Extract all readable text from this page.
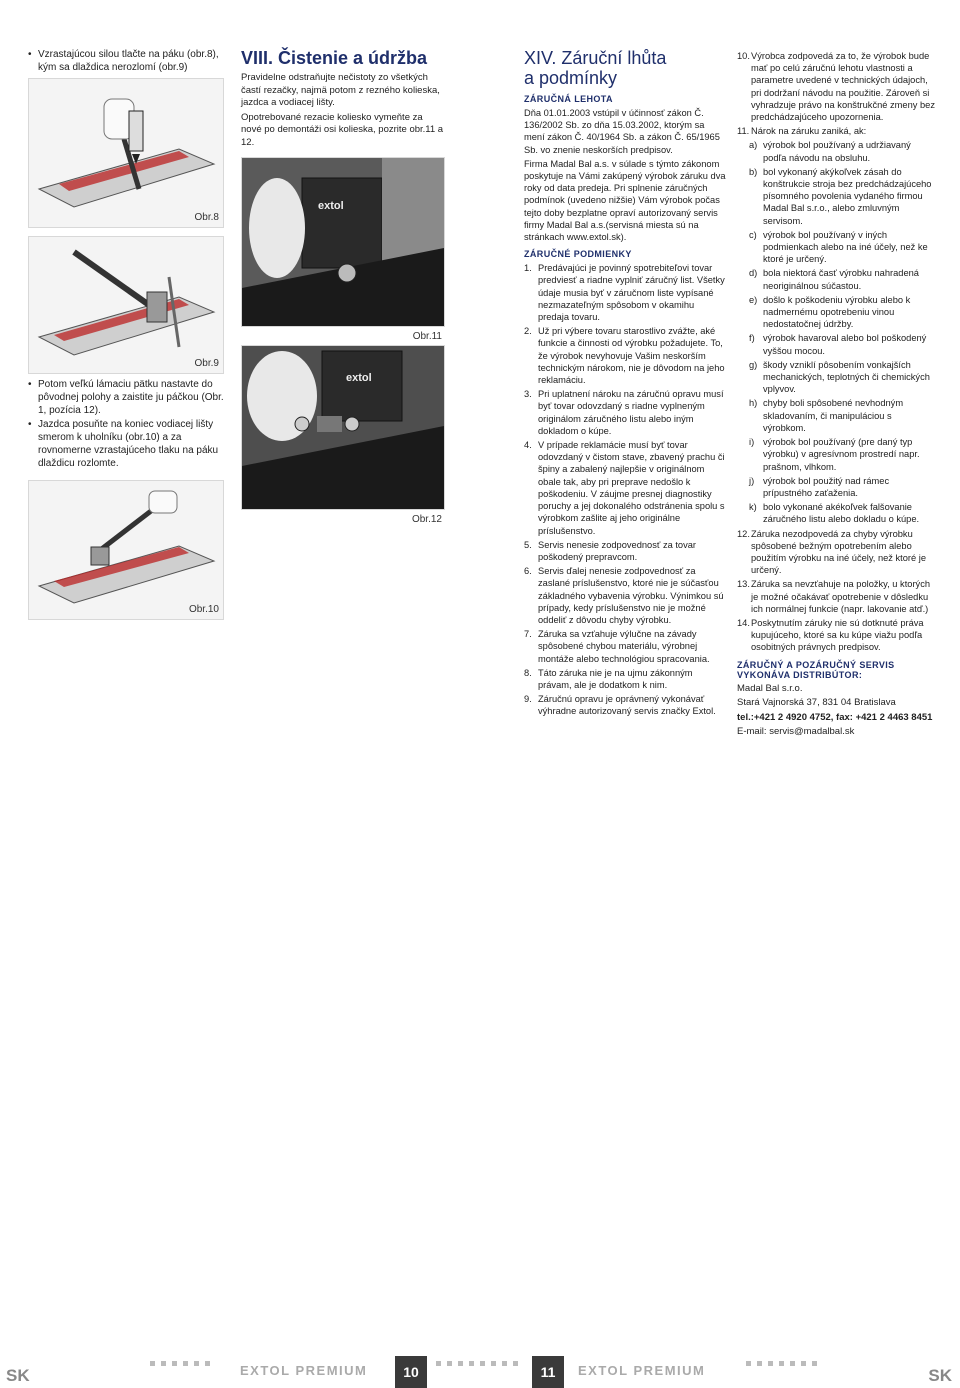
• Vzrastajúcou silou tlačte na páku (obr.8), kým sa dlaždica nerozlomí (obr.9)
Obr.8
Obr.9
• Potom veľkú lámaciu pätku nastavte do pôvodnej polohy a zaistite ju páčkou (Obr. 1, pozícia 12).
• Jazdca posuňte na koniec vodiacej lišty smerom k uholníku (obr.10) a za rovnomerne vzrastajúceho tlaku na páku dlaždicu rozlomte.
Obr.10
VIII. Čistenie a údržba
Pravidelne odstraňujte nečistoty zo všetkých častí rezačky, najmä potom z rezného kolieska, jazdca a vodiacej lišty.
Opotrebované rezacie koliesko vymeňte za nové po demontáži osi kolieska, pozrite obr.11 a 12.
extol
Obr.11
extol
Obr.12
XIV. Záruční lhůta
a podmínky
ZÁRUČNÁ LEHOTA
Dňa 01.01.2003 vstúpil v účinnosť zákon Č. 136/2002 Sb. zo dňa 15.03.2002, ktorým sa mení zákon Č. 40/1964 Sb. a zákon Č. 65/1965 Sb. vo znenie neskorších predpisov.
Firma Madal Bal a.s. v súlade s týmto zákonom poskytuje na Vámi zakúpený výrobok záruku dva roky od data predeja. Pri splnenie záručných podmínok (uvedeno nižšie) Vám výrobok počas tejto doby bezplatne opraví autorizovaný servis firmy Madal Bal a.s.(servisná miesta sú na stránkach www.extol.sk).
ZÁRUČNÉ PODMIENKY
1. Predávajúci je povinný spotrebiteľovi tovar predviesť a riadne vyplniť záručný list. Všetky údaje musia byť v záručnom liste vypísané nezmazateľným spôsobom v okamihu predaja tovaru.
2. Už pri výbere tovaru starostlivo zvážte, aké funkcie a činnosti od výrobku požadujete. To, že výrobok nevyhovuje Vašim neskorším technickým nárokom, nie je dôvodom na jeho reklamáciu.
3. Pri uplatnení nároku na záručnú opravu musí byť tovar odovzdaný s riadne vyplneným originálom záručného listu alebo iným dokladom o kúpe.
4. V prípade reklamácie musí byť tovar odovzdaný v čistom stave, zbavený prachu či špiny a zabalený najlepšie v originálnom obale tak, aby pri preprave nedošlo k poškodeniu. V záujme presnej diagnostiky poruchy a jej dokonalého odstránenia spolu s výrobkom zašlite aj jeho originálne príslušenstvo.
5. Servis nenesie zodpovednosť za tovar poškodený prepravcom.
6. Servis ďalej nenesie zodpovednosť za zaslané príslušenstvo, ktoré nie je súčasťou základného vybavenia výrobku. Výnimkou sú prípady, kedy príslušenstvo nie je možné oddeliť z dôvodu chyby výrobku.
7. Záruka sa vzťahuje výlučne na závady spôsobené chybou materiálu, výrobnej montáže alebo technológiou spracovania.
8. Táto záruka nie je na ujmu zákonným právam, ale je dodatkom k nim.
9. Záručnú opravu je oprávnený vykonávať výhradne autorizovaný servis značky Extol.
10. Výrobca zodpovedá za to, že výrobok bude mať po celú záručnú lehotu vlastnosti a parametre uvedené v technických údajoch, pri dodržaní návodu na použitie. Zároveň si vyhradzuje právo na konštrukčné zmeny bez predchádzajúceho upozornenia.
11. Nárok na záruku zaniká, ak:
a) výrobok bol používaný a udržiavaný podľa návodu na obsluhu.
b) bol vykonaný akýkoľvek zásah do konštrukcie stroja bez predchádzajúceho písomného povolenia vydaného firmou Madal Bal s.r.o., alebo zmluvným servisom.
c) výrobok bol používaný v iných podmienkach alebo na iné účely, než ke ktoré je určený.
d) bola niektorá časť výrobku nahradená neoriginálnou súčastou.
e) došlo k poškodeniu výrobku alebo k nadmernému opotrebeniu vinou nedostatočnej údržby.
f) výrobok havaroval alebo bol poškodený vyššou mocou.
g) škody vzniklí pôsobením vonkajších mechanických, teplotných či chemických vplyvov.
h) chyby boli spôsobené nevhodným skladovaním, či manipuláciou s výrobkom.
i) výrobok bol používaný (pre daný typ výrobku) v agresívnom prostredí napr. prašnom, vlhkom.
j) výrobok bol použitý nad rámec prípustného zaťaženia.
k) bolo vykonané akékoľvek falšovanie záručného listu alebo dokladu o kúpe.
12. Záruka nezodpovedá za chyby výrobku spôsobené bežným opotrebením alebo použitím výrobku na iné účely, než ktoré je určený.
13. Záruka sa nevzťahuje na položky, u ktorých je možné očakávať opotrebenie v dôsledku ich normálnej funkcie (napr. lakovanie atď.)
14. Poskytnutím záruky nie sú dotknuté práva kupujúceho, ktoré sa ku kúpe viažu podľa osobitných právnych predpisov.
ZÁRUČNÝ A POZÁRUČNÝ SERVIS
VYKONÁVA DISTRIBÚTOR:
Madal Bal s.r.o.
Stará Vajnorská 37, 831 04 Bratislava
tel.:+421 2 4920 4752, fax: +421 2 4463 8451
E-mail: servis@madalbal.sk
SK	EXTOL PREMIUM	10	11	EXTOL PREMIUM	SK
